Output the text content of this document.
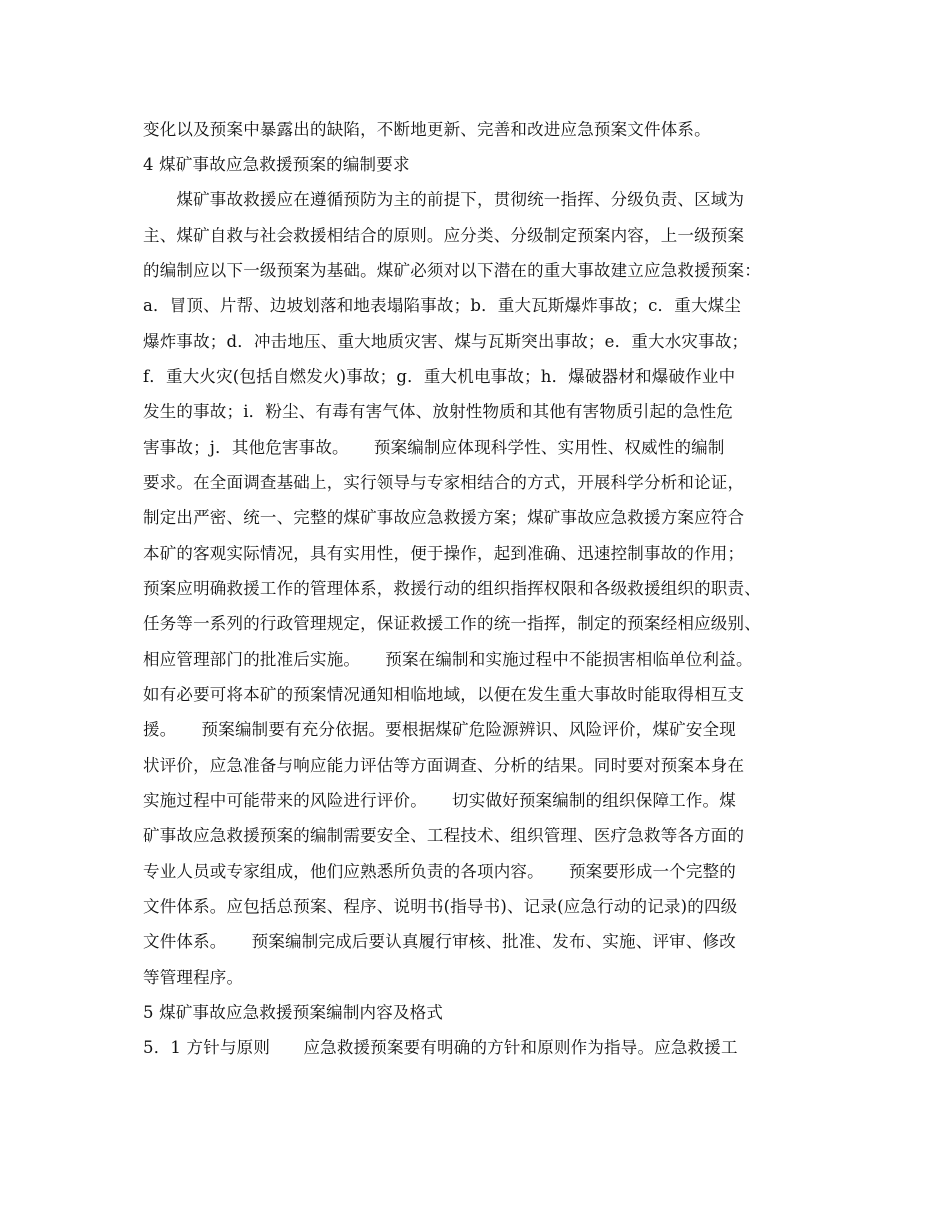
变化以及预案中暴露出的缺陷，不断地更新、完善和改进应急预案文件体系。
4 煤矿事故应急救援预案的编制要求
　　煤矿事故救援应在遵循预防为主的前提下，贯彻统一指挥、分级负责、区域为
主、煤矿自救与社会救援相结合的原则。应分类、分级制定预案内容，上一级预案
的编制应以下一级预案为基础。煤矿必须对以下潜在的重大事故建立应急救援预案：
a．冒顶、片帮、边坡划落和地表塌陷事故；b．重大瓦斯爆炸事故；c．重大煤尘
爆炸事故；d．冲击地压、重大地质灾害、煤与瓦斯突出事故；e．重大水灾事故；
f．重大火灾(包括自燃发火)事故；g．重大机电事故；h．爆破器材和爆破作业中
发生的事故；i．粉尘、有毒有害气体、放射性物质和其他有害物质引起的急性危
害事故；j．其他危害事故。　　预案编制应体现科学性、实用性、权威性的编制
要求。在全面调查基础上，实行领导与专家相结合的方式，开展科学分析和论证，
制定出严密、统一、完整的煤矿事故应急救援方案；煤矿事故应急救援方案应符合
本矿的客观实际情况，具有实用性，便于操作，起到准确、迅速控制事故的作用；
预案应明确救援工作的管理体系，救援行动的组织指挥权限和各级救援组织的职责、
任务等一系列的行政管理规定，保证救援工作的统一指挥，制定的预案经相应级别、
相应管理部门的批准后实施。　　预案在编制和实施过程中不能损害相临单位利益。
如有必要可将本矿的预案情况通知相临地域，以便在发生重大事故时能取得相互支
援。　　预案编制要有充分依据。要根据煤矿危险源辨识、风险评价，煤矿安全现
状评价，应急准备与响应能力评估等方面调查、分析的结果。同时要对预案本身在
实施过程中可能带来的风险进行评价。　　切实做好预案编制的组织保障工作。煤
矿事故应急救援预案的编制需要安全、工程技术、组织管理、医疗急救等各方面的
专业人员或专家组成，他们应熟悉所负责的各项内容。　　预案要形成一个完整的
文件体系。应包括总预案、程序、说明书(指导书)、记录(应急行动的记录)的四级
文件体系。　　预案编制完成后要认真履行审核、批准、发布、实施、评审、修改
等管理程序。
5 煤矿事故应急救援预案编制内容及格式
5．1 方针与原则　　应急救援预案要有明确的方针和原则作为指导。应急救援工
